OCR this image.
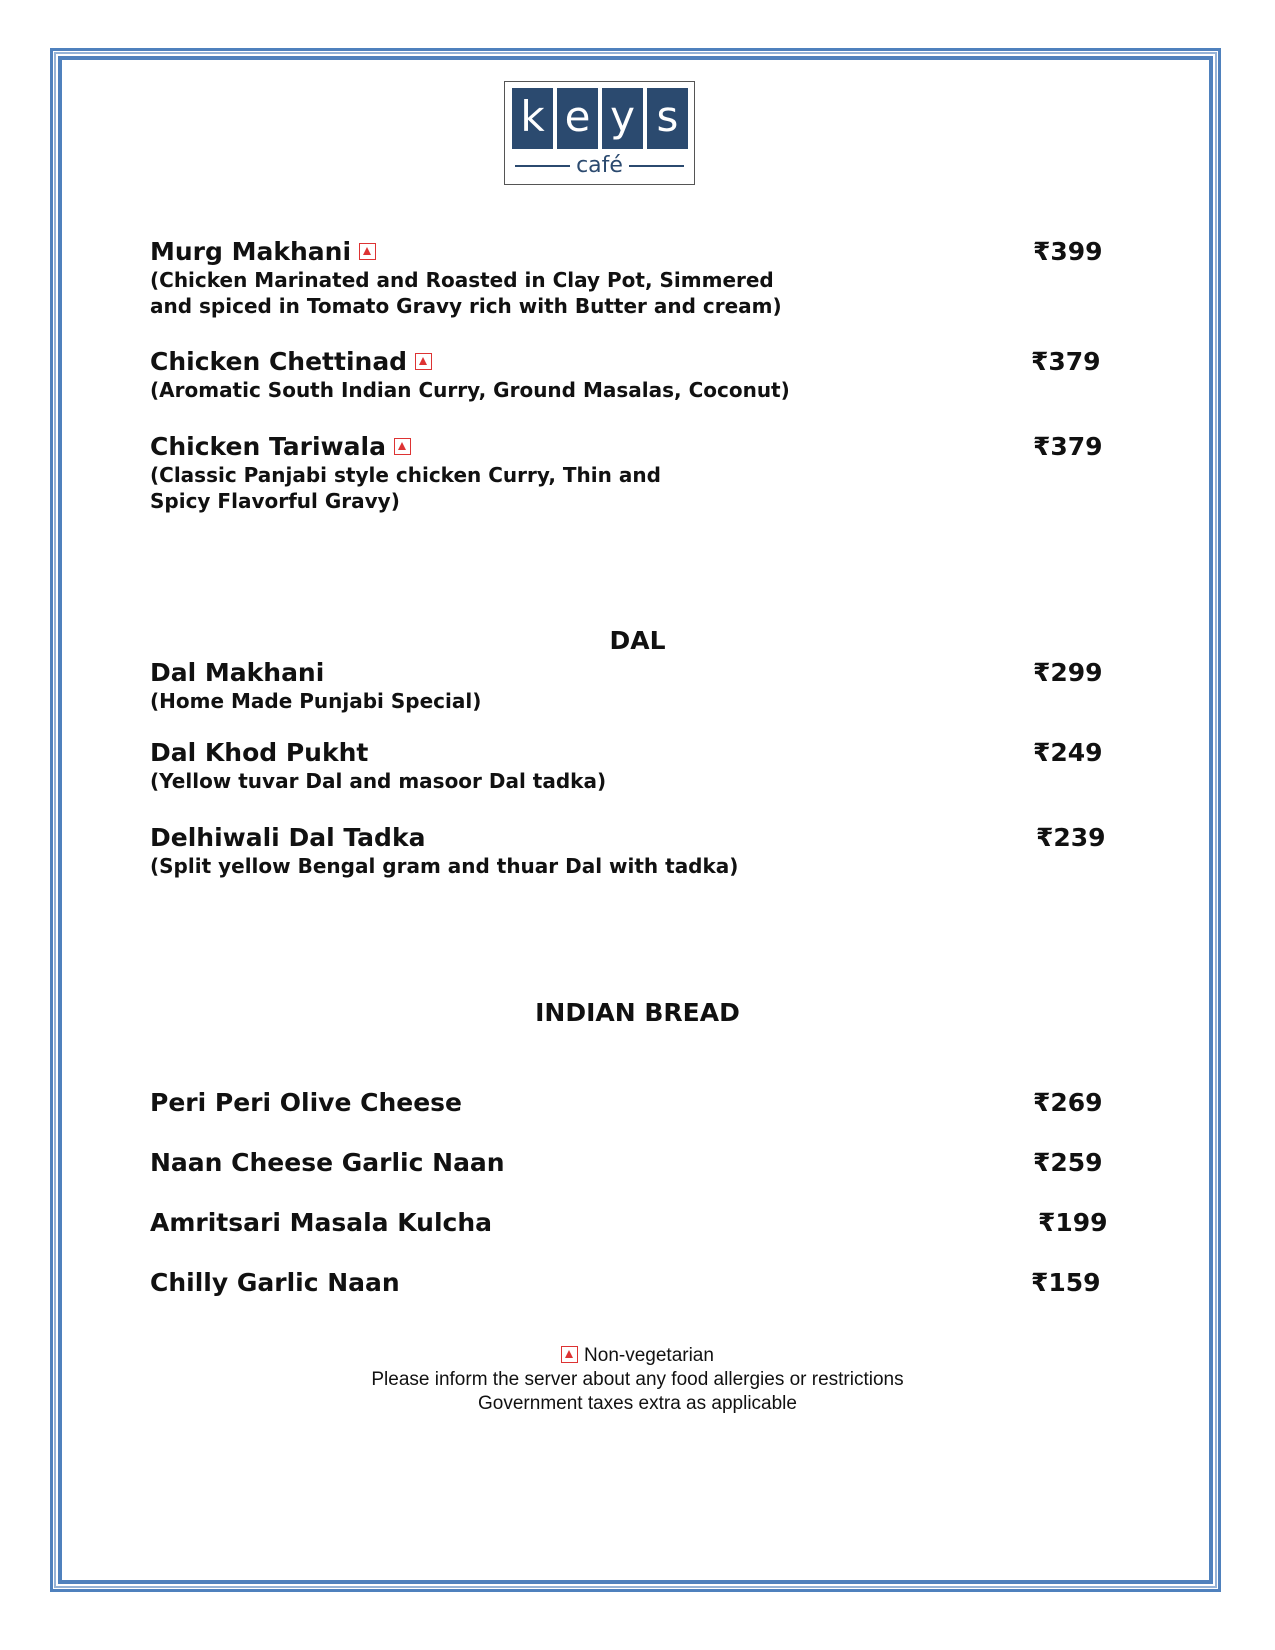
k e y s
café
Murg Makhani
(Chicken Marinated and Roasted in Clay Pot, Simmered
and spiced in Tomato Gravy rich with Butter and cream)
₹399
Chicken Chettinad
(Aromatic South Indian Curry, Ground Masalas, Coconut)
₹379
Chicken Tariwala
(Classic Panjabi style chicken Curry, Thin and
Spicy Flavorful Gravy)
₹379
DAL
Dal Makhani
(Home Made Punjabi Special)
₹299
Dal Khod Pukht
(Yellow tuvar Dal and masoor Dal tadka)
₹249
Delhiwali Dal Tadka
(Split yellow Bengal gram and thuar Dal with tadka)
₹239
INDIAN BREAD
Peri Peri Olive Cheese	₹269
Naan Cheese Garlic Naan	₹259
Amritsari Masala Kulcha	₹199
Chilly Garlic Naan	₹159
Non-vegetarian
Please inform the server about any food allergies or restrictions
Government taxes extra as applicable
